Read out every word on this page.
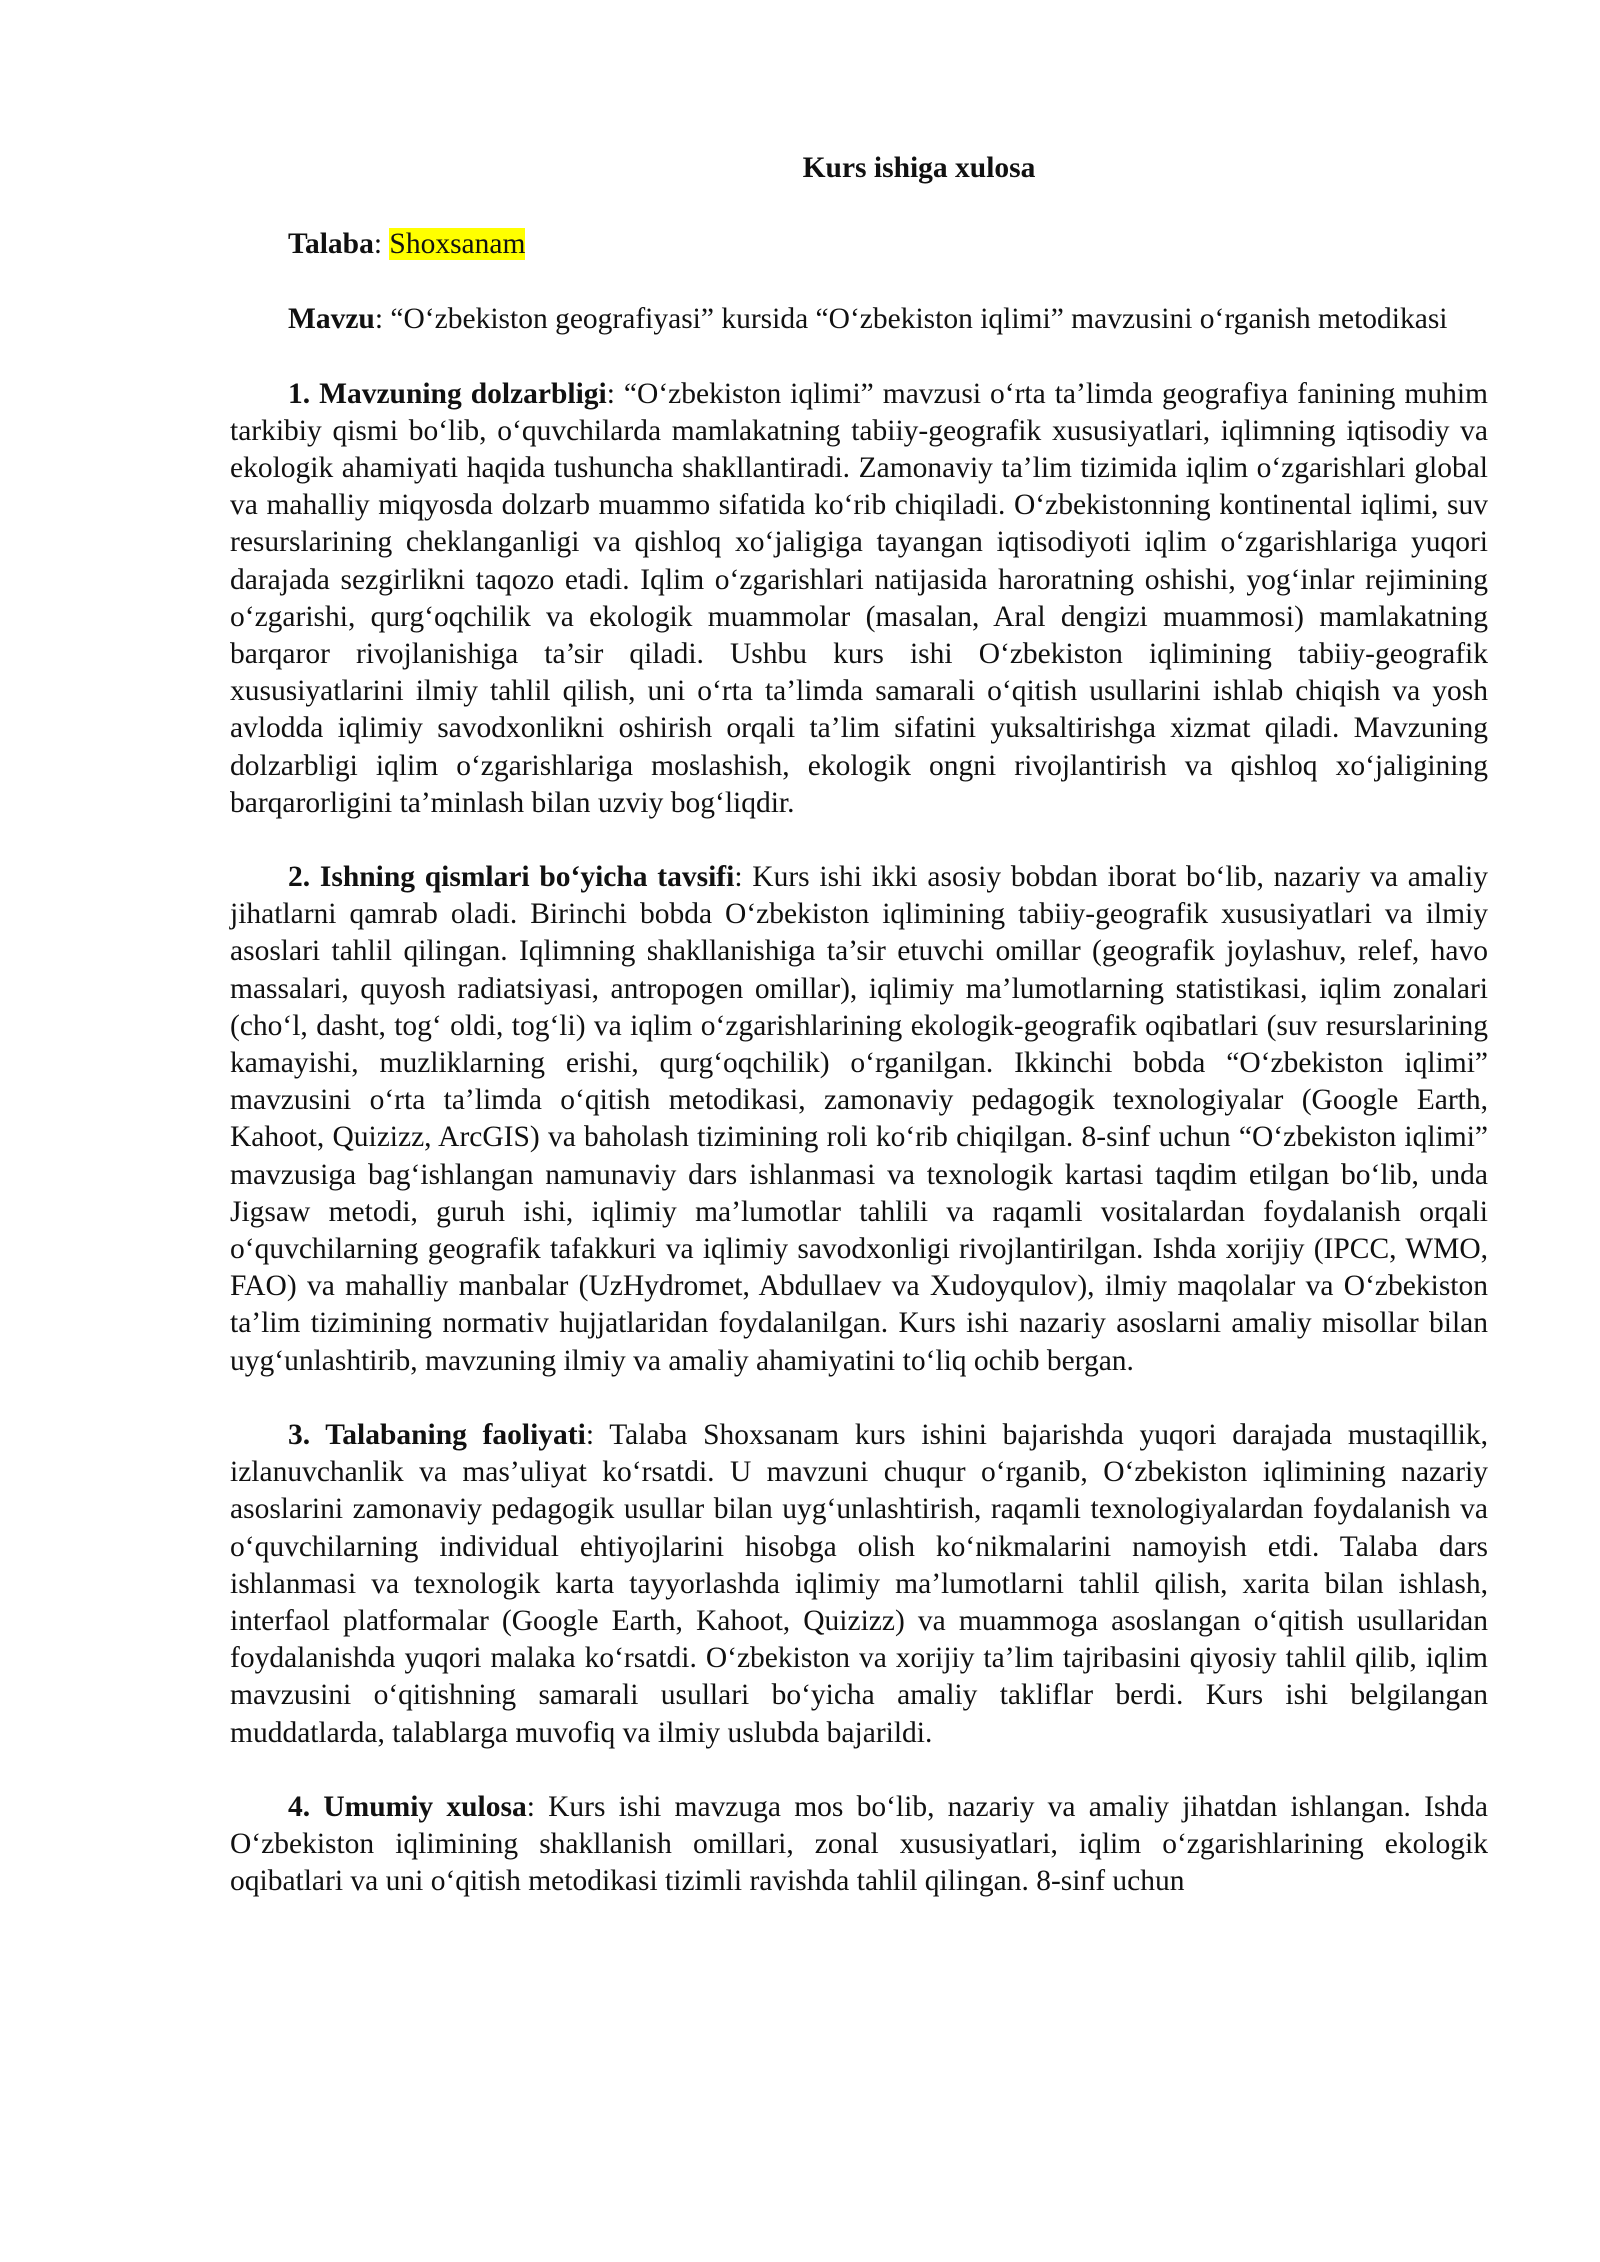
Kurs ishiga xulosa

Talaba: Shoxsanam

Mavzu: “O‘zbekiston geografiyasi” kursida “O‘zbekiston iqlimi” mavzusini o‘rganish metodikasi

1. Mavzuning dolzarbligi: “O‘zbekiston iqlimi” mavzusi o‘rta ta’limda geografiya fanining muhim tarkibiy qismi bo‘lib, o‘quvchilarda mamlakatning tabiiy-geografik xususiyatlari, iqlimning iqtisodiy va ekologik ahamiyati haqida tushuncha shakllantiradi. Zamonaviy ta’lim tizimida iqlim o‘zgarishlari global va mahalliy miqyosda dolzarb muammo sifatida ko‘rib chiqiladi. O‘zbekistonning kontinental iqlimi, suv resurslarining cheklanganligi va qishloq xo‘jaligiga tayangan iqtisodiyoti iqlim o‘zgarishlariga yuqori darajada sezgirlikni taqozo etadi. Iqlim o‘zgarishlari natijasida haroratning oshishi, yog‘inlar rejimining o‘zgarishi, qurg‘oqchilik va ekologik muammolar (masalan, Aral dengizi muammosi) mamlakatning barqaror rivojlanishiga ta’sir qiladi. Ushbu kurs ishi O‘zbekiston iqlimining tabiiy-geografik xususiyatlarini ilmiy tahlil qilish, uni o‘rta ta’limda samarali o‘qitish usullarini ishlab chiqish va yosh avlodda iqlimiy savodxonlikni oshirish orqali ta’lim sifatini yuksaltirishga xizmat qiladi. Mavzuning dolzarbligi iqlim o‘zgarishlariga moslashish, ekologik ongni rivojlantirish va qishloq xo‘jaligining barqarorligini ta’minlash bilan uzviy bog‘liqdir.

2. Ishning qismlari bo‘yicha tavsifi: Kurs ishi ikki asosiy bobdan iborat bo‘lib, nazariy va amaliy jihatlarni qamrab oladi. Birinchi bobda O‘zbekiston iqlimining tabiiy-geografik xususiyatlari va ilmiy asoslari tahlil qilingan. Iqlimning shakllanishiga ta’sir etuvchi omillar (geografik joylashuv, relef, havo massalari, quyosh radiatsiyasi, antropogen omillar), iqlimiy ma’lumotlarning statistikasi, iqlim zonalari (cho‘l, dasht, tog‘ oldi, tog‘li) va iqlim o‘zgarishlarining ekologik-geografik oqibatlari (suv resurslarining kamayishi, muzliklarning erishi, qurg‘oqchilik) o‘rganilgan. Ikkinchi bobda “O‘zbekiston iqlimi” mavzusini o‘rta ta’limda o‘qitish metodikasi, zamonaviy pedagogik texnologiyalar (Google Earth, Kahoot, Quizizz, ArcGIS) va baholash tizimining roli ko‘rib chiqilgan. 8-sinf uchun “O‘zbekiston iqlimi” mavzusiga bag‘ishlangan namunaviy dars ishlanmasi va texnologik kartasi taqdim etilgan bo‘lib, unda Jigsaw metodi, guruh ishi, iqlimiy ma’lumotlar tahlili va raqamli vositalardan foydalanish orqali o‘quvchilarning geografik tafakkuri va iqlimiy savodxonligi rivojlantirilgan. Ishda xorijiy (IPCC, WMO, FAO) va mahalliy manbalar (UzHydromet, Abdullaev va Xudoyqulov), ilmiy maqolalar va O‘zbekiston ta’lim tizimining normativ hujjatlaridan foydalanilgan. Kurs ishi nazariy asoslarni amaliy misollar bilan uyg‘unlashtirib, mavzuning ilmiy va amaliy ahamiyatini to‘liq ochib bergan.

3. Talabaning faoliyati: Talaba Shoxsanam kurs ishini bajarishda yuqori darajada mustaqillik, izlanuvchanlik va mas’uliyat ko‘rsatdi. U mavzuni chuqur o‘rganib, O‘zbekiston iqlimining nazariy asoslarini zamonaviy pedagogik usullar bilan uyg‘unlashtirish, raqamli texnologiyalardan foydalanish va o‘quvchilarning individual ehtiyojlarini hisobga olish ko‘nikmalarini namoyish etdi. Talaba dars ishlanmasi va texnologik karta tayyorlashda iqlimiy ma’lumotlarni tahlil qilish, xarita bilan ishlash, interfaol platformalar (Google Earth, Kahoot, Quizizz) va muammoga asoslangan o‘qitish usullaridan foydalanishda yuqori malaka ko‘rsatdi. O‘zbekiston va xorijiy ta’lim tajribasini qiyosiy tahlil qilib, iqlim mavzusini o‘qitishning samarali usullari bo‘yicha amaliy takliflar berdi. Kurs ishi belgilangan muddatlarda, talablarga muvofiq va ilmiy uslubda bajarildi.

4. Umumiy xulosa: Kurs ishi mavzuga mos bo‘lib, nazariy va amaliy jihatdan ishlangan. Ishda O‘zbekiston iqlimining shakllanish omillari, zonal xususiyatlari, iqlim o‘zgarishlarining ekologik oqibatlari va uni o‘qitish metodikasi tizimli ravishda tahlil qilingan. 8-sinf uchun
